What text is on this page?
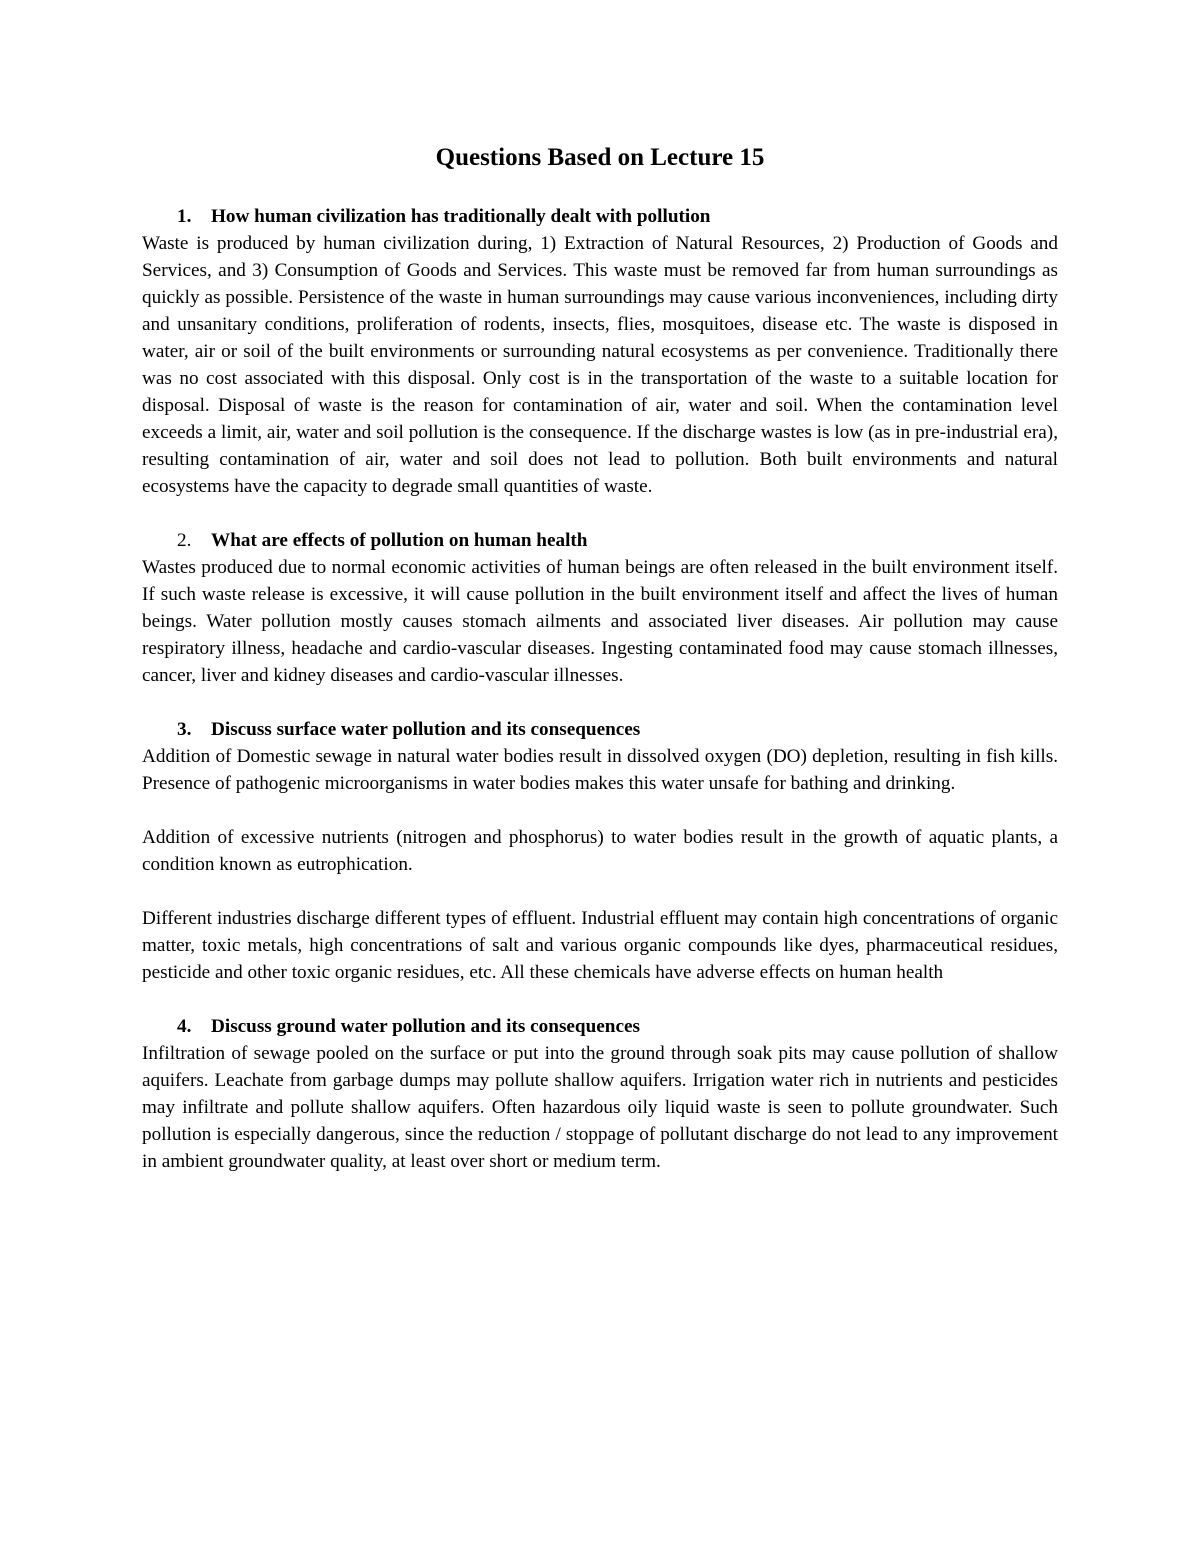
Questions Based on Lecture 15
1. How human civilization has traditionally dealt with pollution

Waste is produced by human civilization during, 1) Extraction of Natural Resources, 2) Production of Goods and Services, and 3) Consumption of Goods and Services. This waste must be removed far from human surroundings as quickly as possible. Persistence of the waste in human surroundings may cause various inconveniences, including dirty and unsanitary conditions, proliferation of rodents, insects, flies, mosquitoes, disease etc. The waste is disposed in water, air or soil of the built environments or surrounding natural ecosystems as per convenience. Traditionally there was no cost associated with this disposal. Only cost is in the transportation of the waste to a suitable location for disposal. Disposal of waste is the reason for contamination of air, water and soil. When the contamination level exceeds a limit, air, water and soil pollution is the consequence. If the discharge wastes is low (as in pre-industrial era), resulting contamination of air, water and soil does not lead to pollution. Both built environments and natural ecosystems have the capacity to degrade small quantities of waste.

2. What are effects of pollution on human health

Wastes produced due to normal economic activities of human beings are often released in the built environment itself. If such waste release is excessive, it will cause pollution in the built environment itself and affect the lives of human beings. Water pollution mostly causes stomach ailments and associated liver diseases. Air pollution may cause respiratory illness, headache and cardio-vascular diseases. Ingesting contaminated food may cause stomach illnesses, cancer, liver and kidney diseases and cardio-vascular illnesses.

3. Discuss surface water pollution and its consequences

Addition of Domestic sewage in natural water bodies result in dissolved oxygen (DO) depletion, resulting in fish kills. Presence of pathogenic microorganisms in water bodies makes this water unsafe for bathing and drinking.

Addition of excessive nutrients (nitrogen and phosphorus) to water bodies result in the growth of aquatic plants, a condition known as eutrophication.

Different industries discharge different types of effluent. Industrial effluent may contain high concentrations of organic matter, toxic metals, high concentrations of salt and various organic compounds like dyes, pharmaceutical residues, pesticide and other toxic organic residues, etc. All these chemicals have adverse effects on human health

4. Discuss ground water pollution and its consequences

Infiltration of sewage pooled on the surface or put into the ground through soak pits may cause pollution of shallow aquifers. Leachate from garbage dumps may pollute shallow aquifers. Irrigation water rich in nutrients and pesticides may infiltrate and pollute shallow aquifers. Often hazardous oily liquid waste is seen to pollute groundwater. Such pollution is especially dangerous, since the reduction / stoppage of pollutant discharge do not lead to any improvement in ambient groundwater quality, at least over short or medium term.
